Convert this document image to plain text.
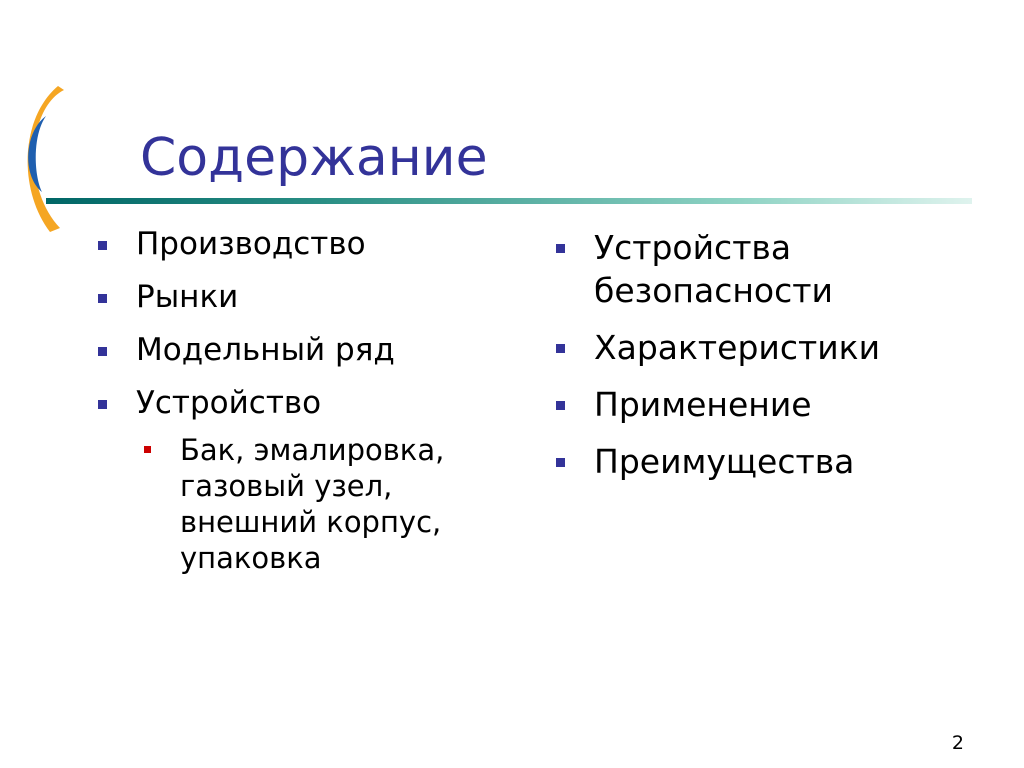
Содержание
Производство
Рынки
Модельный ряд
Устройство
Бак, эмалировка, газовый узел, внешний корпус, упаковка
Устройства безопасности
Характеристики
Применение
Преимущества
2
